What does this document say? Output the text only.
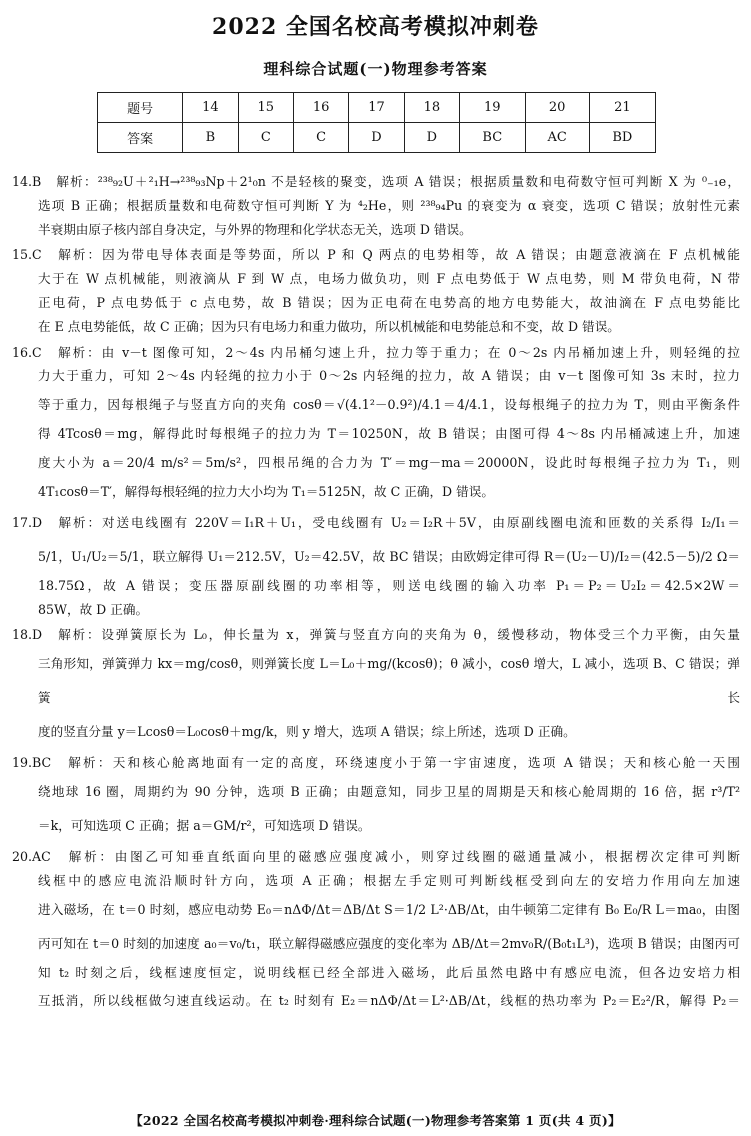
2022 全国名校高考模拟冲刺卷
理科综合试题(一)物理参考答案
题号	14	15	16	17	18	19	20	21
答案	B	C	C	D	D	BC	AC	BD

14.B　解析：²³⁸₉₂U＋²₁H→²³⁸₉₃Np＋2¹₀n 不是轻核的聚变，选项 A 错误；根据质量数和电荷数守恒可判断 X 为 ⁰₋₁e，

选项 B 正确；根据质量数和电荷数守恒可判断 Y 为 ⁴₂He，则 ²³⁸₉₄Pu 的衰变为 α 衰变，选项 C 错误；放射性元素

半衰期由原子核内部自身决定，与外界的物理和化学状态无关，选项 D 错误。

15.C　解析：因为带电导体表面是等势面，所以 P 和 Q 两点的电势相等，故 A 错误；由题意液滴在 F 点机械能

大于在 W 点机械能，则液滴从 F 到 W 点，电场力做负功，则 F 点电势低于 W 点电势，则 M 带负电荷，N 带

正电荷，P 点电势低于 c 点电势，故 B 错误；因为正电荷在电势高的地方电势能大，故油滴在 F 点电势能比

在 E 点电势能低，故 C 正确；因为只有电场力和重力做功，所以机械能和电势能总和不变，故 D 错误。

16.C　解析：由 v－t 图像可知，2～4s 内吊桶匀速上升，拉力等于重力；在 0～2s 内吊桶加速上升，则轻绳的拉

力大于重力，可知 2～4s 内轻绳的拉力小于 0～2s 内轻绳的拉力，故 A 错误；由 v－t 图像可知 3s 末时，拉力

等于重力，因每根绳子与竖直方向的夹角 cosθ＝√(4.1²－0.9²)/4.1＝4/4.1，设每根绳子的拉力为 T，则由平衡条件

得 4Tcosθ＝mg，解得此时每根绳子的拉力为 T＝10250N，故 B 错误；由图可得 4～8s 内吊桶减速上升，加速

度大小为 a＝20/4 m/s²＝5m/s²，四根吊绳的合力为 T′＝mg－ma＝20000N，设此时每根绳子拉力为 T₁，则

4T₁cosθ＝T′，解得每根轻绳的拉力大小均为 T₁＝5125N，故 C 正确，D 错误。

17.D　解析：对送电线圈有 220V＝I₁R＋U₁，受电线圈有 U₂＝I₂R＋5V，由原副线圈电流和匝数的关系得 I₂/I₁＝

5/1，U₁/U₂＝5/1，联立解得 U₁＝212.5V，U₂＝42.5V，故 BC 错误；由欧姆定律可得 R＝(U₂－U)/I₂＝(42.5－5)/2 Ω＝

18.75Ω，故 A 错误；变压器原副线圈的功率相等，则送电线圈的输入功率 P₁＝P₂＝U₂I₂＝42.5×2W＝

85W，故 D 正确。

18.D　解析：设弹簧原长为 L₀，伸长量为 x，弹簧与竖直方向的夹角为 θ，缓慢移动，物体受三个力平衡，由矢量

三角形知，弹簧弹力 kx＝mg/cosθ，则弹簧长度 L＝L₀＋mg/(kcosθ)；θ 减小，cosθ 增大，L 减小，选项 B、C 错误；弹簧长

度的竖直分量 y＝Lcosθ＝L₀cosθ＋mg/k，则 y 增大，选项 A 错误；综上所述，选项 D 正确。

19.BC　解析：天和核心舱离地面有一定的高度，环绕速度小于第一宇宙速度，选项 A 错误；天和核心舱一天围

绕地球 16 圈，周期约为 90 分钟，选项 B 正确；由题意知，同步卫星的周期是天和核心舱周期的 16 倍，据 r³/T²

＝k，可知选项 C 正确；据 a＝GM/r²，可知选项 D 错误。

20.AC　解析：由图乙可知垂直纸面向里的磁感应强度减小，则穿过线圈的磁通量减小，根据楞次定律可判断

线框中的感应电流沿顺时针方向，选项 A 正确；根据左手定则可判断线框受到向左的安培力作用向左加速

进入磁场，在 t＝0 时刻，感应电动势 E₀＝nΔΦ/Δt＝ΔB/Δt S＝1/2 L²·ΔB/Δt，由牛顿第二定律有 B₀ E₀/R L＝ma₀，由图

丙可知在 t＝0 时刻的加速度 a₀＝v₀/t₁，联立解得磁感应强度的变化率为 ΔB/Δt＝2mv₀R/(B₀t₁L³)，选项 B 错误；由图丙可

知 t₂ 时刻之后，线框速度恒定，说明线框已经全部进入磁场，此后虽然电路中有感应电流，但各边安培力相

互抵消，所以线框做匀速直线运动。在 t₂ 时刻有 E₂＝nΔΦ/Δt＝L²·ΔB/Δt，线框的热功率为 P₂＝E₂²/R，解得 P₂＝

【2022 全国名校高考模拟冲刺卷·理科综合试题(一)物理参考答案第 1 页(共 4 页)】
